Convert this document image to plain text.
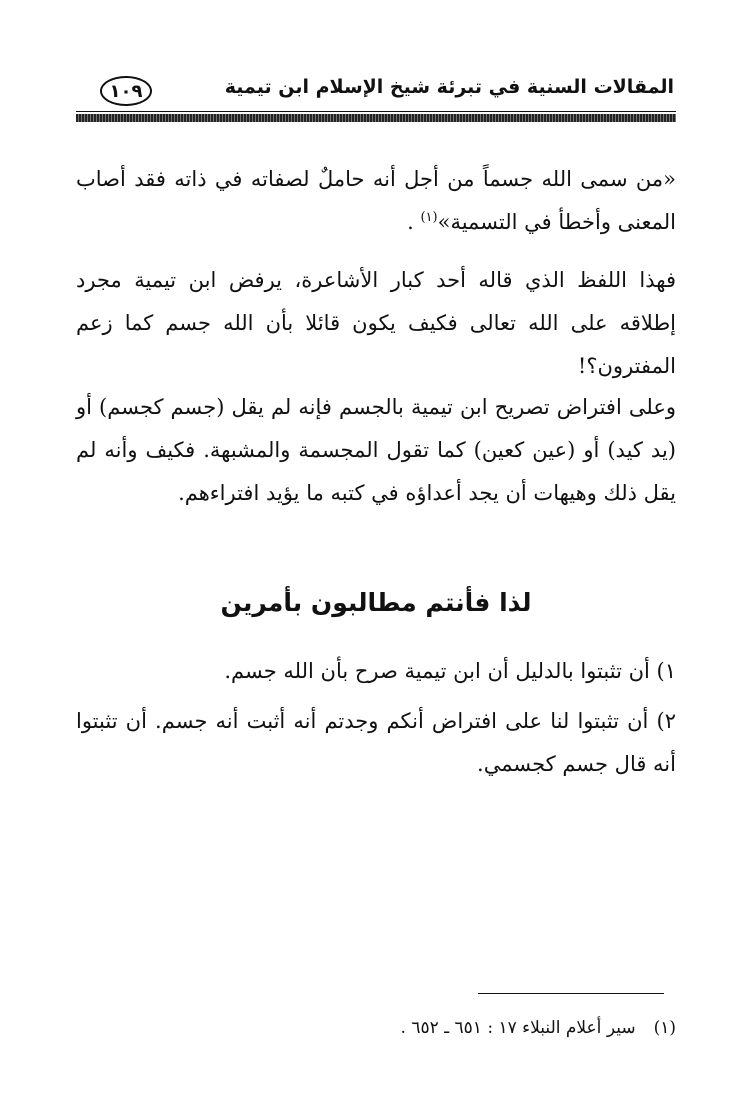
المقالات السنية في تبرئة شيخ الإسلام ابن تيمية
١٠٩
«من سمى الله جسماً من أجل أنه حاملٌ لصفاته في ذاته فقد أصاب المعنى وأخطأ في التسمية»$^{(١)}$ .
فهذا اللفظ الذي قاله أحد كبار الأشاعرة، يرفض ابن تيمية مجرد إطلاقه على الله تعالى فكيف يكون قائلا بأن الله جسم كما زعم المفترون؟!
وعلى افتراض تصريح ابن تيمية بالجسم فإنه لم يقل (جسم كجسم) أو (يد كيد) أو (عين كعين) كما تقول المجسمة والمشبهة. فكيف وأنه لم يقل ذلك وهيهات أن يجد أعداؤه في كتبه ما يؤيد افتراءهم.
لذا فأنتم مطالبون بأمرين
١) أن تثبتوا بالدليل أن ابن تيمية صرح بأن الله جسم.
٢) أن تثبتوا لنا على افتراض أنكم وجدتم أنه أثبت أنه جسم. أن تثبتوا أنه قال جسم كجسمي.
(١)سير أعلام النبلاء ١٧ : ٦٥١ ـ ٦٥٢ .
